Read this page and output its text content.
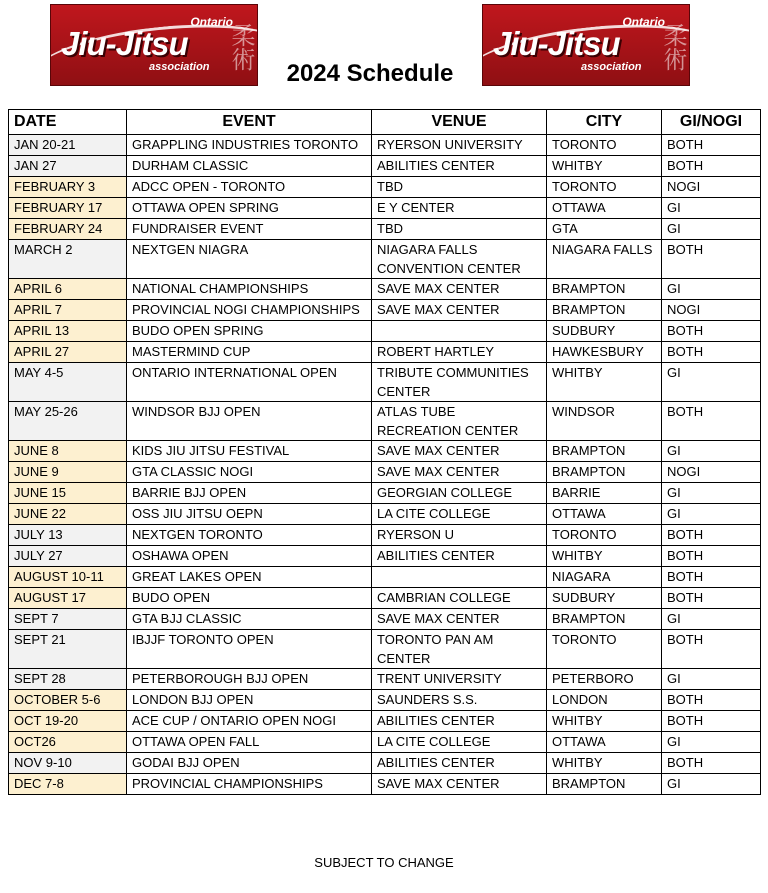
Ontario
Jiu-Jitsu
association 柔術
2024 Schedule
Ontario
Jiu-Jitsu
association 柔術
DATE	EVENT	VENUE	CITY	GI/NOGI
JAN 20-21	GRAPPLING INDUSTRIES TORONTO	RYERSON UNIVERSITY	TORONTO	BOTH
JAN 27	DURHAM CLASSIC	ABILITIES CENTER	WHITBY	BOTH
FEBRUARY 3	ADCC OPEN - TORONTO	TBD	TORONTO	NOGI
FEBRUARY 17	OTTAWA OPEN SPRING	E Y CENTER	OTTAWA	GI
FEBRUARY 24	FUNDRAISER EVENT	TBD	GTA	GI
MARCH 2	NEXTGEN NIAGRA	NIAGARA FALLS CONVENTION CENTER	NIAGARA FALLS	BOTH
APRIL 6	NATIONAL CHAMPIONSHIPS	SAVE MAX CENTER	BRAMPTON	GI
APRIL 7	PROVINCIAL NOGI CHAMPIONSHIPS	SAVE MAX CENTER	BRAMPTON	NOGI
APRIL 13	BUDO OPEN SPRING		SUDBURY	BOTH
APRIL 27	MASTERMIND CUP	ROBERT HARTLEY	HAWKESBURY	BOTH
MAY 4-5	ONTARIO INTERNATIONAL OPEN	TRIBUTE COMMUNITIES CENTER	WHITBY	GI
MAY 25-26	WINDSOR BJJ OPEN	ATLAS TUBE RECREATION CENTER	WINDSOR	BOTH
JUNE 8	KIDS JIU JITSU FESTIVAL	SAVE MAX CENTER	BRAMPTON	GI
JUNE 9	GTA CLASSIC NOGI	SAVE MAX CENTER	BRAMPTON	NOGI
JUNE 15	BARRIE BJJ OPEN	GEORGIAN COLLEGE	BARRIE	GI
JUNE 22	OSS JIU JITSU OEPN	LA CITE COLLEGE	OTTAWA	GI
JULY 13	NEXTGEN TORONTO	RYERSON U	TORONTO	BOTH
JULY 27	OSHAWA OPEN	ABILITIES CENTER	WHITBY	BOTH
AUGUST 10-11	GREAT LAKES OPEN		NIAGARA	BOTH
AUGUST 17	BUDO OPEN	CAMBRIAN COLLEGE	SUDBURY	BOTH
SEPT 7	GTA BJJ CLASSIC	SAVE MAX CENTER	BRAMPTON	GI
SEPT 21	IBJJF TORONTO OPEN	TORONTO PAN AM CENTER	TORONTO	BOTH
SEPT 28	PETERBOROUGH BJJ OPEN	TRENT UNIVERSITY	PETERBORO	GI
OCTOBER 5-6	LONDON BJJ OPEN	SAUNDERS S.S.	LONDON	BOTH
OCT 19-20	ACE CUP / ONTARIO OPEN NOGI	ABILITIES CENTER	WHITBY	BOTH
OCT26	OTTAWA OPEN FALL	LA CITE COLLEGE	OTTAWA	GI
NOV 9-10	GODAI BJJ OPEN	ABILITIES CENTER	WHITBY	BOTH
DEC 7-8	PROVINCIAL CHAMPIONSHIPS	SAVE MAX CENTER	BRAMPTON	GI
SUBJECT TO CHANGE
